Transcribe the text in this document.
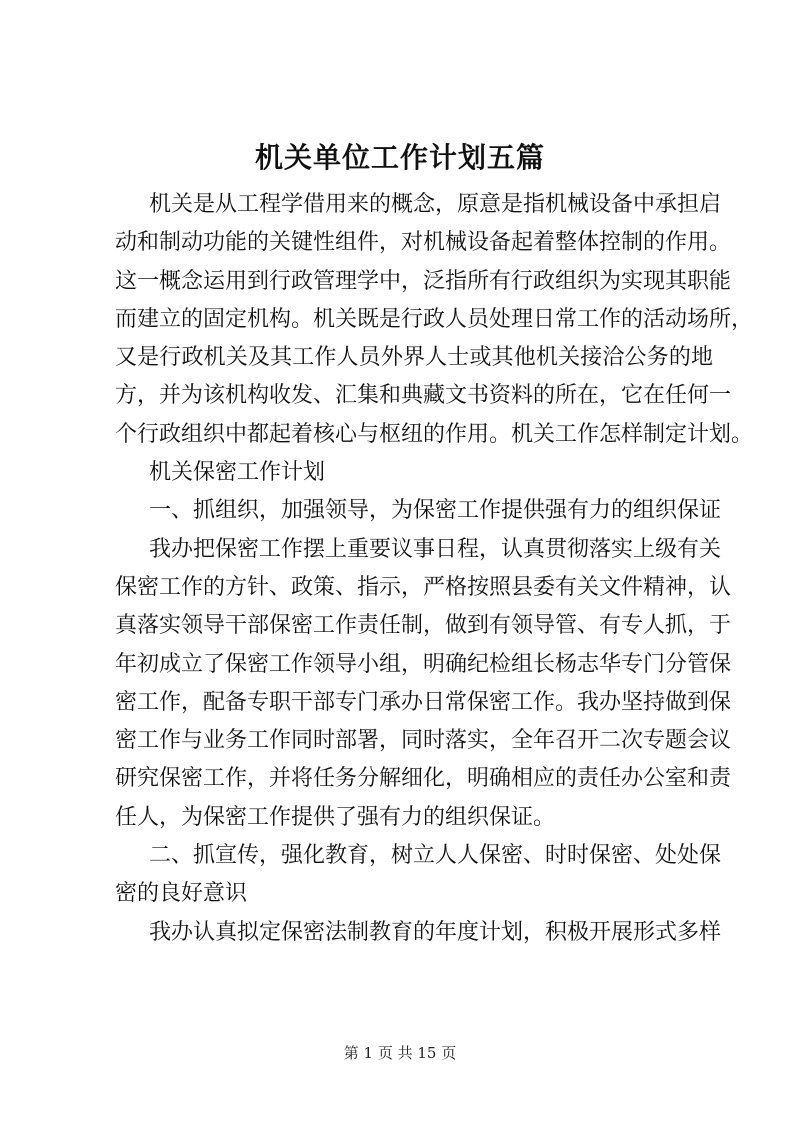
机关单位工作计划五篇
机关是从工程学借用来的概念，原意是指机械设备中承担启
动和制动功能的关键性组件，对机械设备起着整体控制的作用。
这一概念运用到行政管理学中，泛指所有行政组织为实现其职能
而建立的固定机构。机关既是行政人员处理日常工作的活动场所，
又是行政机关及其工作人员外界人士或其他机关接洽公务的地
方，并为该机构收发、汇集和典藏文书资料的所在，它在任何一
个行政组织中都起着核心与枢纽的作用。机关工作怎样制定计划。
机关保密工作计划
一、抓组织，加强领导，为保密工作提供强有力的组织保证
我办把保密工作摆上重要议事日程，认真贯彻落实上级有关
保密工作的方针、政策、指示，严格按照县委有关文件精神，认
真落实领导干部保密工作责任制，做到有领导管、有专人抓，于
年初成立了保密工作领导小组，明确纪检组长杨志华专门分管保
密工作，配备专职干部专门承办日常保密工作。我办坚持做到保
密工作与业务工作同时部署，同时落实，全年召开二次专题会议
研究保密工作，并将任务分解细化，明确相应的责任办公室和责
任人，为保密工作提供了强有力的组织保证。
二、抓宣传，强化教育，树立人人保密、时时保密、处处保
密的良好意识
我办认真拟定保密法制教育的年度计划，积极开展形式多样
第 1 页 共 15 页
